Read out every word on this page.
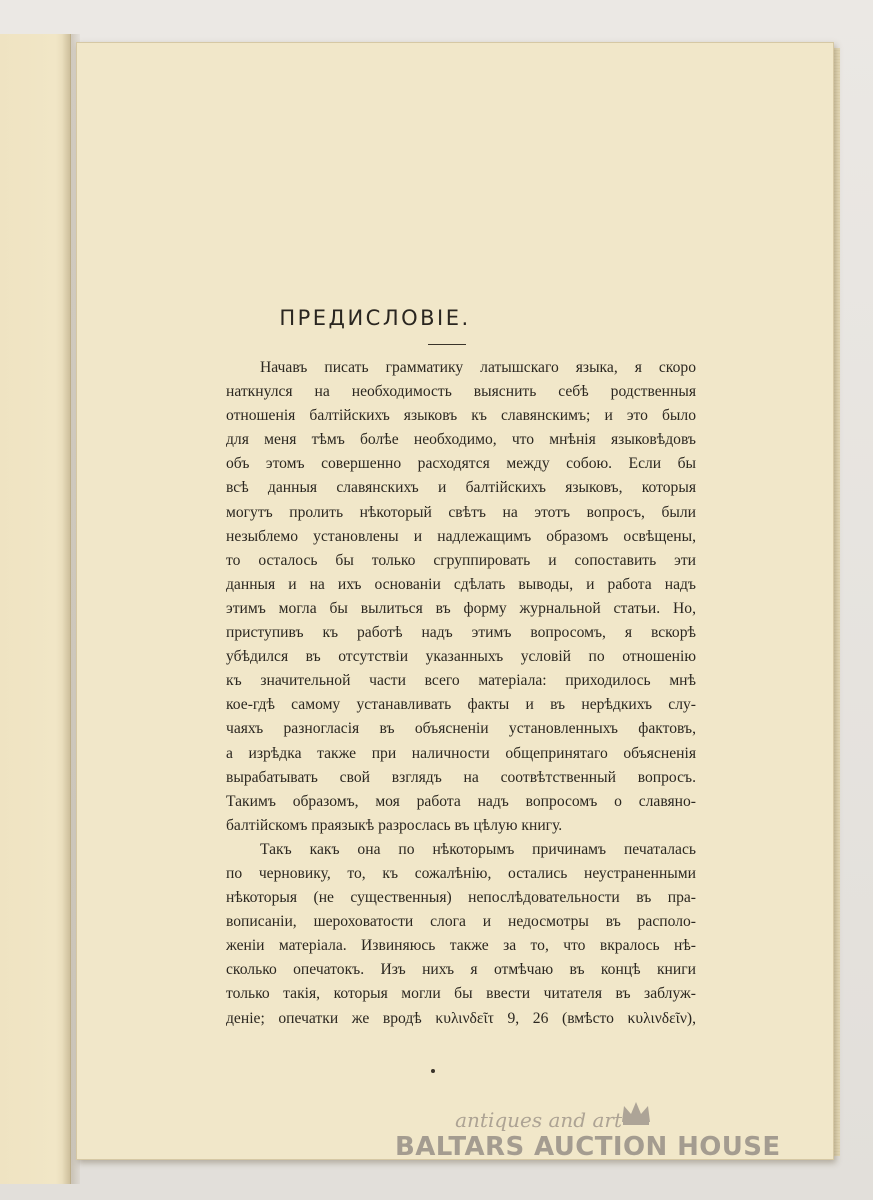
ПРЕДИСЛОВIЕ.
Начавъ писать грамматику латышскаго языка, я скоро
наткнулся на необходимость выяснить себѣ родственныя
отношенія балтійскихъ языковъ къ славянскимъ; и это было
для меня тѣмъ болѣе необходимо, что мнѣнія языковѣдовъ
объ этомъ совершенно расходятся между собою. Если бы
всѣ данныя славянскихъ и балтійскихъ языковъ, которыя
могутъ пролить нѣкоторый свѣтъ на этотъ вопросъ, были
незыблемо установлены и надлежащимъ образомъ освѣщены,
то осталось бы только сгруппировать и сопоставить эти
данныя и на ихъ основаніи сдѣлать выводы, и работа надъ
этимъ могла бы вылиться въ форму журнальной статьи. Но,
приступивъ къ работѣ надъ этимъ вопросомъ, я вскорѣ
убѣдился въ отсутствіи указанныхъ условій по отношенію
къ значительной части всего матеріала: приходилось мнѣ
кое-гдѣ самому устанавливать факты и въ нерѣдкихъ слу-
чаяхъ разногласія въ объясненіи установленныхъ фактовъ,
а изрѣдка также при наличности общепринятаго объясненія
вырабатывать свой взглядъ на соотвѣтственный вопросъ.
Такимъ образомъ, моя работа надъ вопросомъ о славяно-
балтійскомъ праязыкѣ разрослась въ цѣлую книгу.
Такъ какъ она по нѣкоторымъ причинамъ печаталась
по черновику, то, къ сожалѣнію, остались неустраненными
нѣкоторыя (не существенныя) непослѣдовательности въ пра-
вописаніи, шероховатости слога и недосмотры въ располо-
женіи матеріала. Извиняюсь также за то, что вкралось нѣ-
сколько опечатокъ. Изъ нихъ я отмѣчаю въ концѣ книги
только такія, которыя могли бы ввести читателя въ заблуж-
деніе; опечатки же вродѣ κυλινδεῖτ 9, 26 (вмѣсто κυλινδεῖν),

antiques and art

BALTARS AUCTION HOUSE
